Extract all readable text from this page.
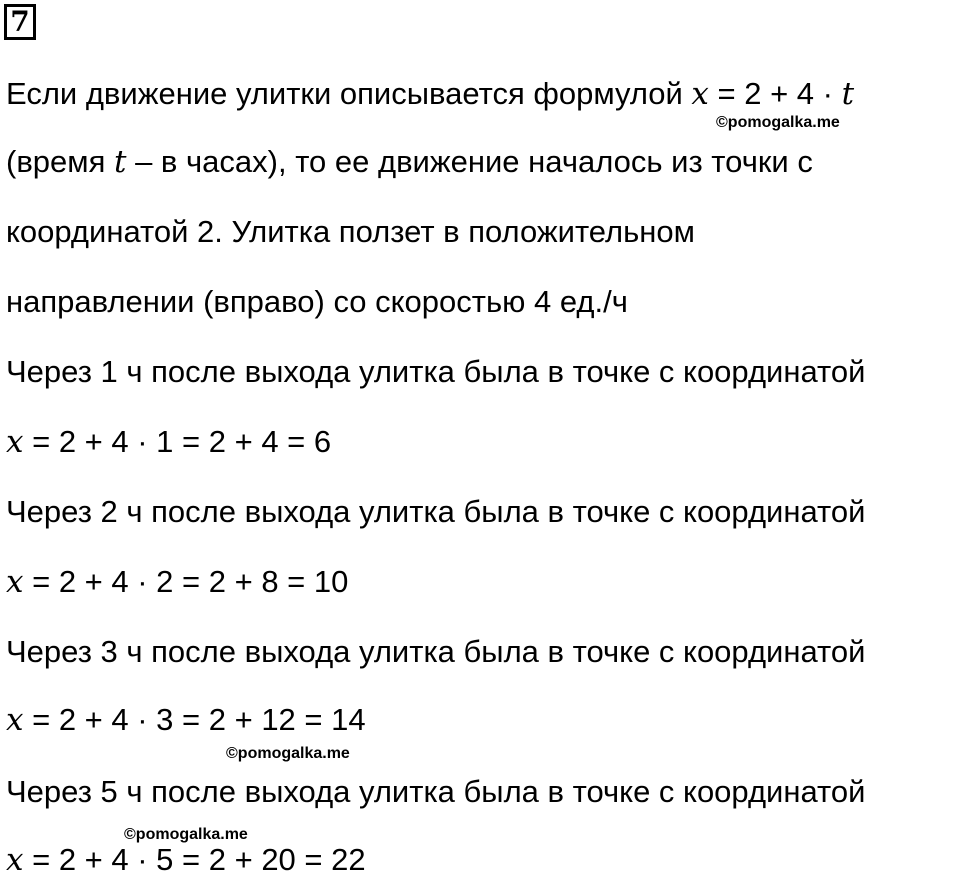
7
Если движение улитки описывается формулой x = 2 + 4 · t
©pomogalka.me
(время t – в часах), то ее движение началось из точки с
координатой 2. Улитка ползет в положительном
направлении (вправо) со скоростью 4 ед./ч
Через 1 ч после выхода улитка была в точке с координатой
x = 2 + 4 · 1 = 2 + 4 = 6
Через 2 ч после выхода улитка была в точке с координатой
x = 2 + 4 · 2 = 2 + 8 = 10
Через 3 ч после выхода улитка была в точке с координатой
x = 2 + 4 · 3 = 2 + 12 = 14
©pomogalka.me
Через 5 ч после выхода улитка была в точке с координатой
©pomogalka.me
x = 2 + 4 · 5 = 2 + 20 = 22
